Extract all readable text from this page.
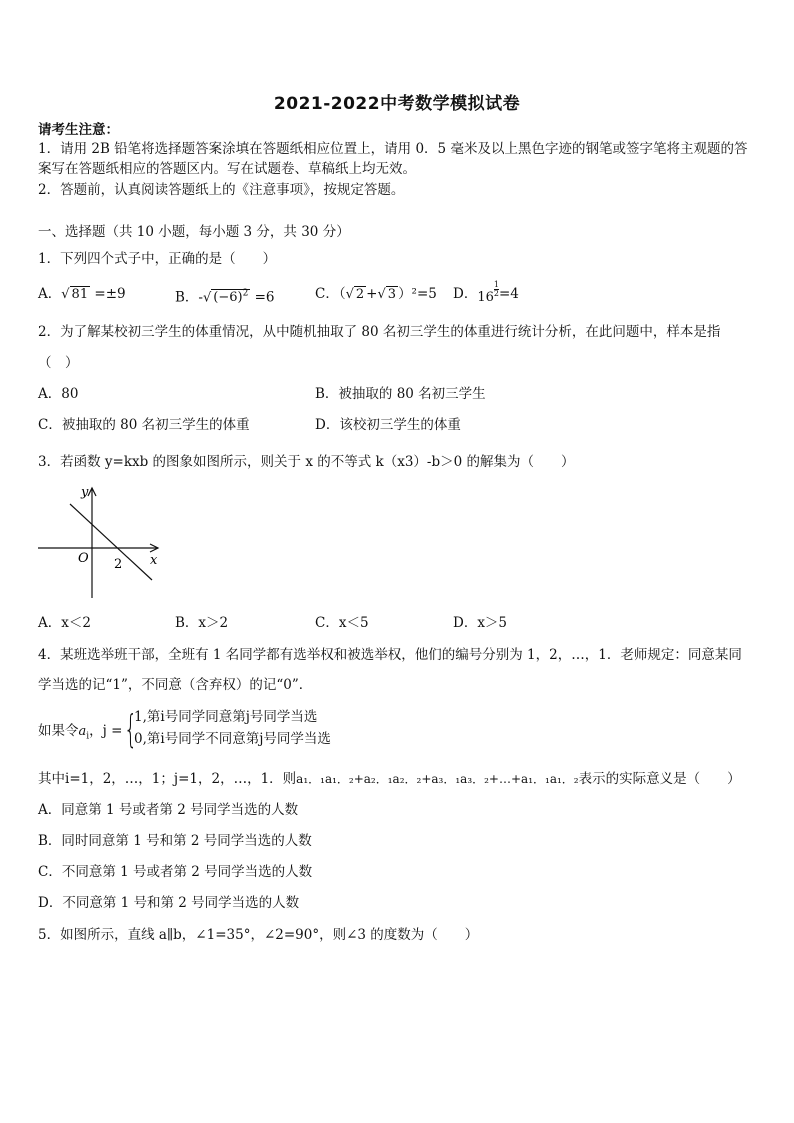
2021-2022中考数学模拟试卷
请考生注意：
1．请用 2B 铅笔将选择题答案涂填在答题纸相应位置上，请用 0．5 毫米及以上黑色字迹的钢笔或签字笔将主观题的答
案写在答题纸相应的答题区内。写在试题卷、草稿纸上均无效。
2．答题前，认真阅读答题纸上的《注意事项》，按规定答题。
一、选择题（共 10 小题，每小题 3 分，共 30 分）
1．下列四个式子中，正确的是（　　）
A．√ 81 =±9	B．-√ $(-6)^2 =6$	C．（√ 2 +√ 3 ）²=5 D．$16 \frac{1}{2} =4$
2．为了解某校初三学生的体重情况，从中随机抽取了 80 名初三学生的体重进行统计分析，在此问题中，样本是指
（　）
A．80	B．被抽取的 80 名初三学生
C．被抽取的 80 名初三学生的体重	D．该校初三学生的体重
3．若函数 y=kxb 的图象如图所示，则关于 x 的不等式 k（x3）-b＞0 的解集为（　　）
y
x
O 2
A．x＜2	B．x＞2	C．x＜5	D．x＞5
4．某班选举班干部，全班有 1 名同学都有选举权和被选举权，他们的编号分别为 1，2，…，1．老师规定：同意某同
学当选的记“1”，不同意（含弃权）的记“0”．
如果令$a_i$，j = {
1,第i号同学同意第j号同学当选
0,第i号同学不同意第j号同学当选
其中i=1，2，…，1；j=1，2，…，1．则a₁．₁a₁．₂+a₂．₁a₂．₂+a₃．₁a₃．₂+…+a₁．₁a₁．₂表示的实际意义是（　　）
A．同意第 1 号或者第 2 号同学当选的人数
B．同时同意第 1 号和第 2 号同学当选的人数
C．不同意第 1 号或者第 2 号同学当选的人数
D．不同意第 1 号和第 2 号同学当选的人数
5．如图所示，直线 a∥b，∠1=35°，∠2=90°，则∠3 的度数为（　　）
